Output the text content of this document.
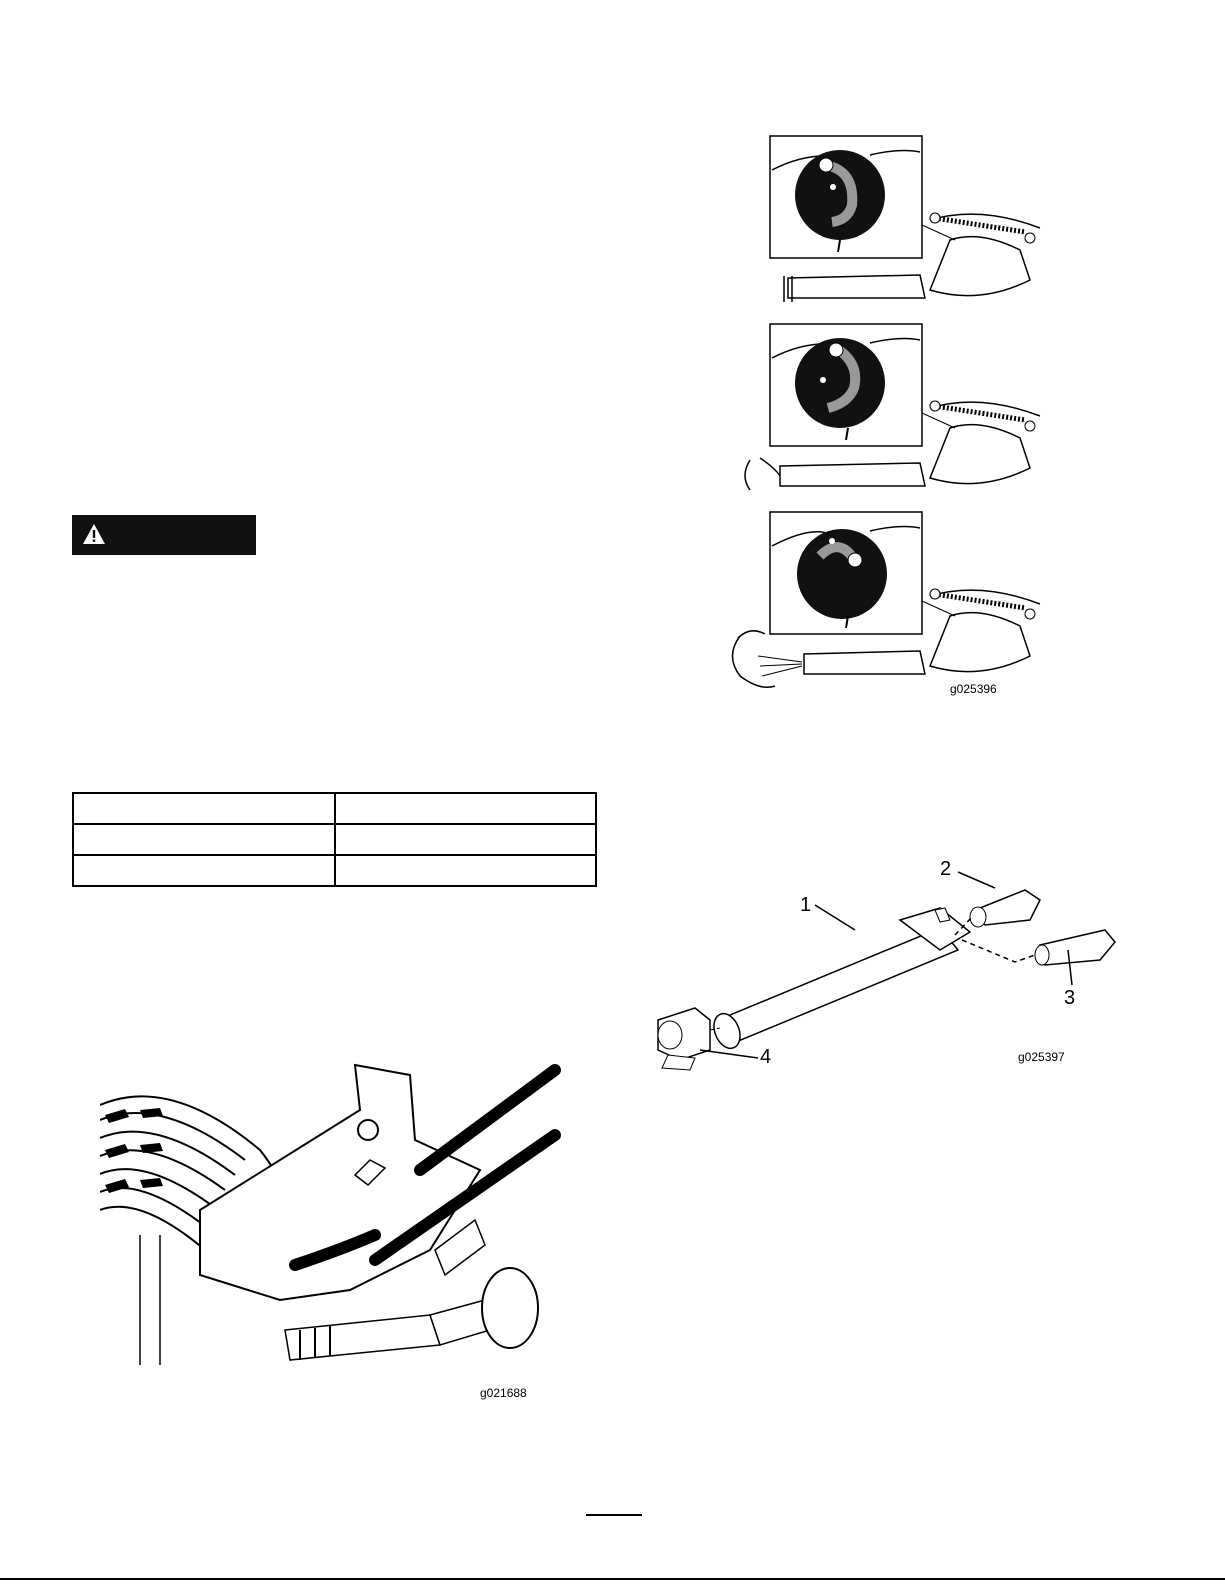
g025396
1
2
3
4	g025397
g021688
